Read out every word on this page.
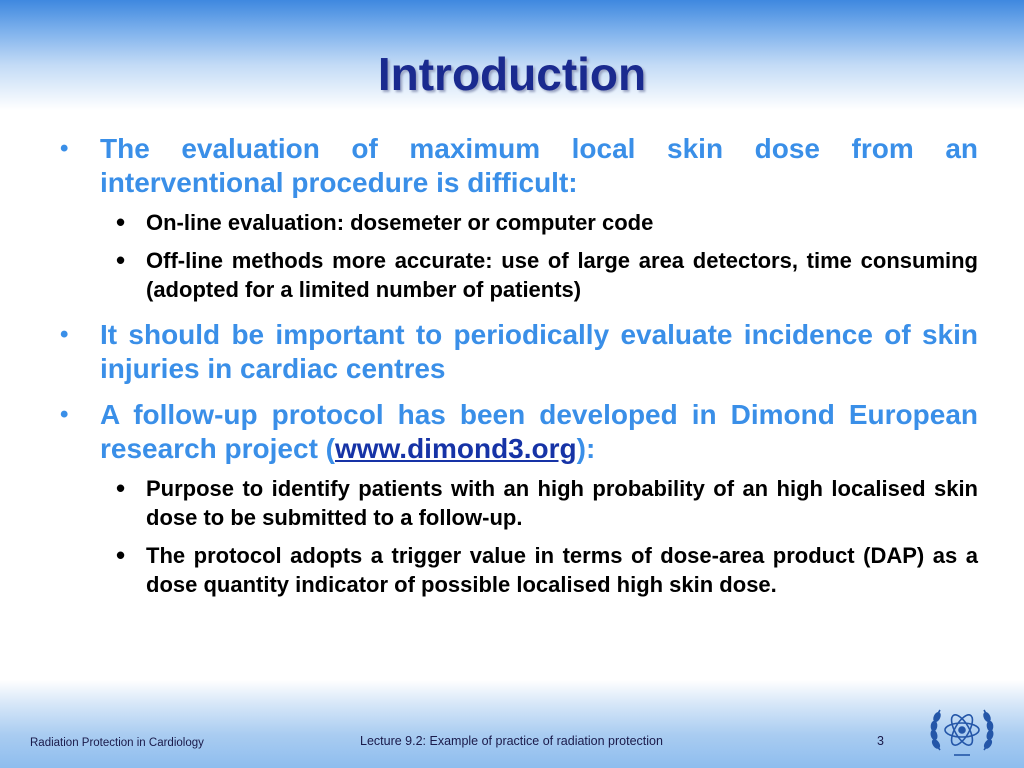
Introduction
• The evaluation of maximum local skin dose from an interventional procedure is difficult:
• On-line evaluation: dosemeter or computer code
• Off-line methods more accurate: use of large area detectors, time consuming (adopted for a limited number of patients)
• It should be important to periodically evaluate incidence of skin injuries in cardiac centres
• A follow-up protocol has been developed in Dimond European research project (www.dimond3.org):
• Purpose to identify patients with an high probability of an high localised skin dose to be submitted to a follow-up.
• The protocol adopts a trigger value in terms of dose-area product (DAP) as a dose quantity indicator of possible localised high skin dose.
Radiation Protection in Cardiology	Lecture 9.2: Example of practice of radiation protection	3
